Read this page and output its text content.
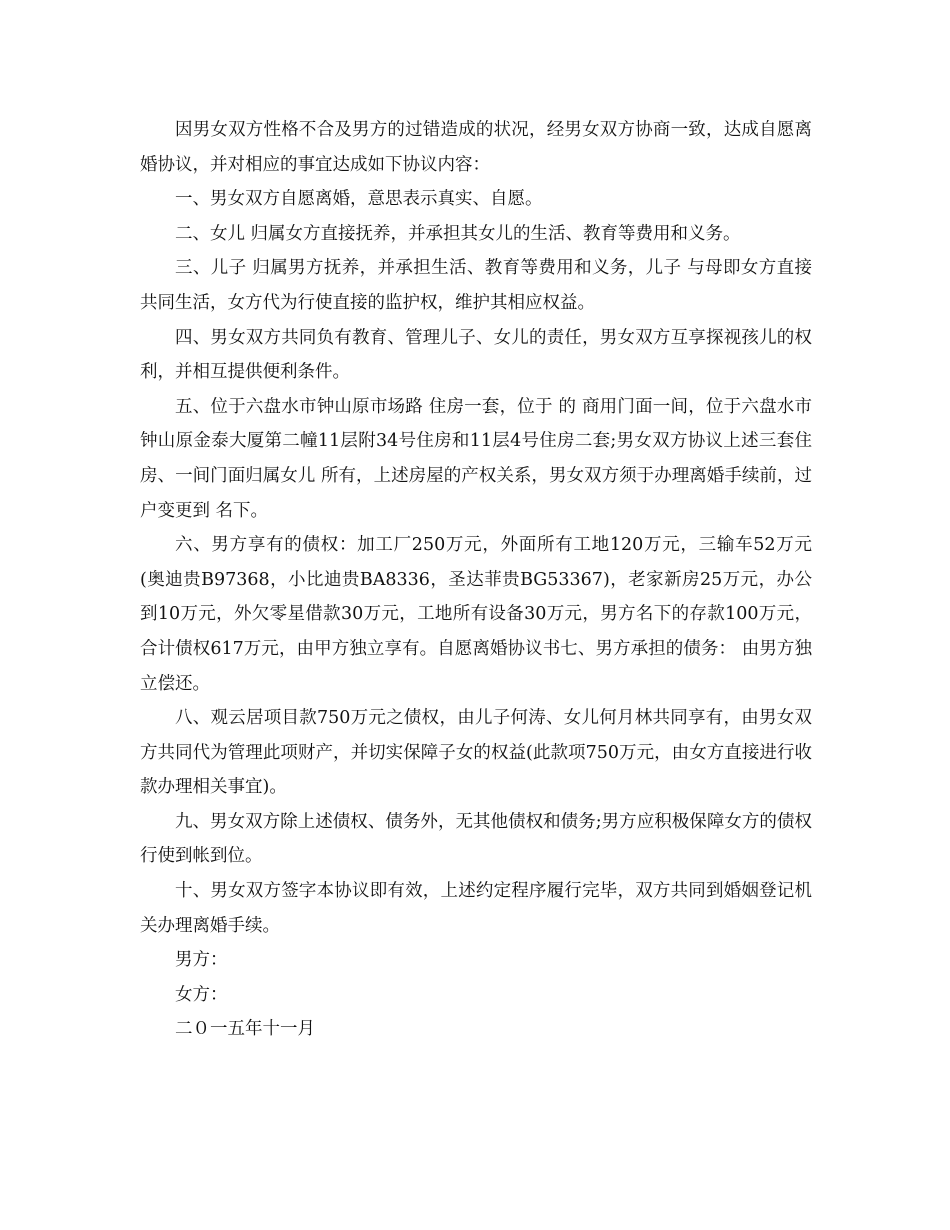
因男女双方性格不合及男方的过错造成的状况，经男女双方协商一致，达成自愿离婚协议，并对相应的事宜达成如下协议内容：

一、男女双方自愿离婚，意思表示真实、自愿。

二、女儿 归属女方直接抚养，并承担其女儿的生活、教育等费用和义务。

三、儿子 归属男方抚养，并承担生活、教育等费用和义务，儿子 与母即女方直接共同生活，女方代为行使直接的监护权，维护其相应权益。

四、男女双方共同负有教育、管理儿子、女儿的责任，男女双方互享探视孩儿的权利，并相互提供便利条件。

五、位于六盘水市钟山原市场路 住房一套，位于 的 商用门面一间，位于六盘水市钟山原金泰大厦第二幢11层附34号住房和11层4号住房二套;男女双方协议上述三套住房、一间门面归属女儿 所有，上述房屋的产权关系，男女双方须于办理离婚手续前，过户变更到 名下。

六、男方享有的债权：加工厂250万元，外面所有工地120万元，三输车52万元(奥迪贵B97368，小比迪贵BA8336，圣达菲贵BG53367)，老家新房25万元，办公到10万元，外欠零星借款30万元，工地所有设备30万元，男方名下的存款100万元，合计债权617万元，由甲方独立享有。自愿离婚协议书七、男方承担的债务： 由男方独立偿还。

八、观云居项目款750万元之债权，由儿子何涛、女儿何月林共同享有，由男女双方共同代为管理此项财产，并切实保障子女的权益(此款项750万元，由女方直接进行收款办理相关事宜)。

九、男女双方除上述债权、债务外，无其他债权和债务;男方应积极保障女方的债权行使到帐到位。

十、男女双方签字本协议即有效，上述约定程序履行完毕，双方共同到婚姻登记机关办理离婚手续。

男方：

女方：

二０一五年十一月
